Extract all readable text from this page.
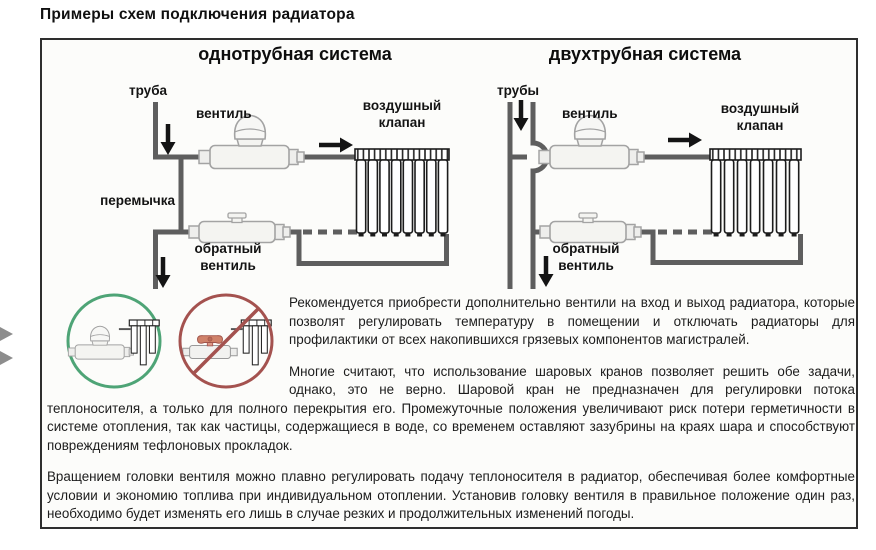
Примеры схем подключения радиатора
однотрубная система	двухтрубная система
труба
вентиль
воздушный клапан
перемычка
обратный вентиль
трубы
вентиль	воздушный клапан
обратный вентиль

Рекомендуется приобрести дополнительно вентили на вход и выход радиатора, которые позволят регулировать температуру в помещении и отключать радиаторы для профилактики от всех накопившихся грязевых компонентов магистралей.

Многие считают, что использование шаровых кранов позволяет решить обе задачи, однако, это не верно. Шаровой кран не предназначен для регулировки потока теплоносителя, а только для полного перекрытия его. Промежуточные положения увеличивают риск потери герметичности в системе отопления, так как частицы, содержащиеся в воде, со временем оставляют зазубрины на краях шара и способствуют повреждениям тефлоновых прокладок.

Вращением головки вентиля можно плавно регулировать подачу теплоносителя в радиатор, обеспечивая более комфортные условии и экономию топлива при индивидуальном отоплении. Установив головку вентиля в правильное положение один раз, необходимо будет изменять его лишь в случае резких и продолжительных изменений погоды.
